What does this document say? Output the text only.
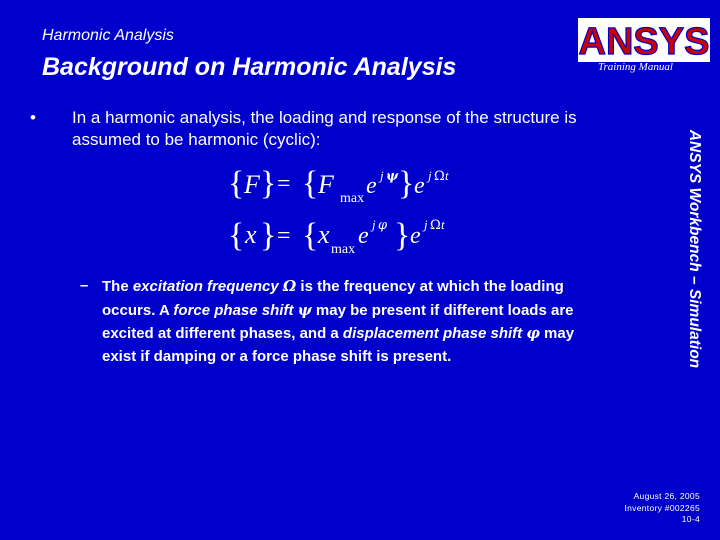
Harmonic Analysis
Background on Harmonic Analysis
ANSYS
Training Manual
ANSYS Workbench – Simulation
•	In a harmonic analysis, the loading and response of the structure is assumed to be harmonic (cyclic):
{ F } = { F max e j ψ } e j Ω t
{ x } = { x
max
e j φ } e j Ω t
– The excitation frequency Ω is the frequency at which the loading occurs. A force phase shift ψ may be present if different loads are excited at different phases, and a displacement phase shift φ may exist if damping or a force phase shift is present.
August 26, 2005
Inventory #002265
10-4
